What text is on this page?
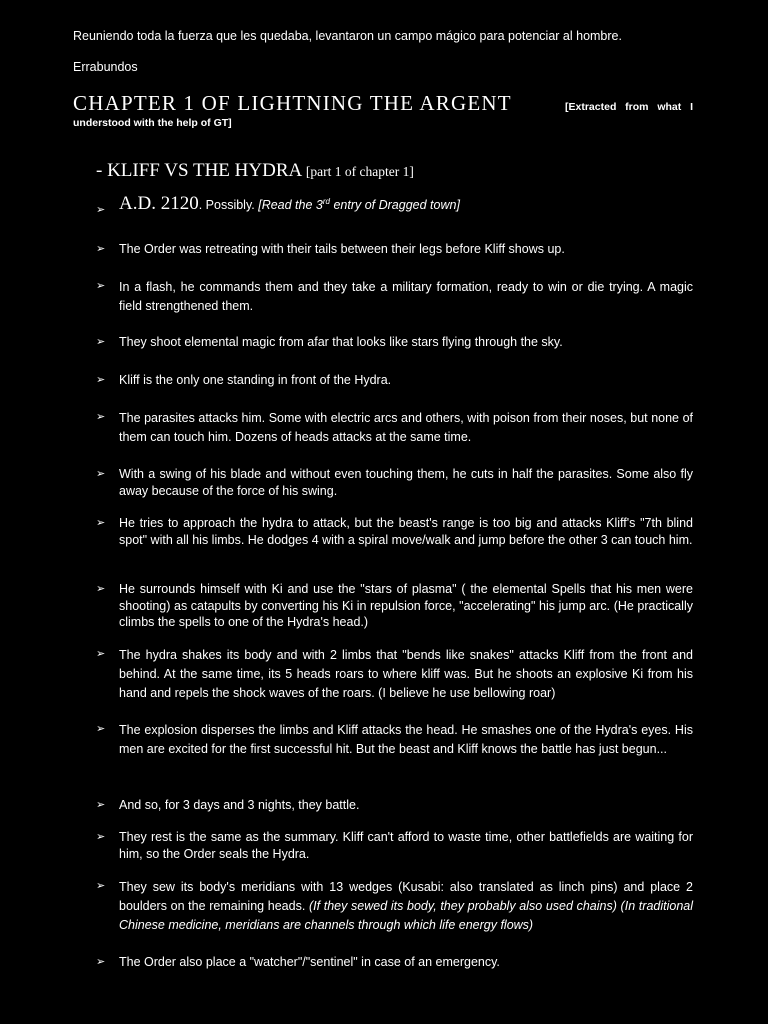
Reuniendo toda la fuerza que les quedaba, levantaron un campo mágico para potenciar al hombre.
Errabundos
CHAPTER 1 OF LIGHTNING THE ARGENT	[Extracted from what I understood with the help of GT]
- KLIFF VS THE HYDRA [part 1 of chapter 1]
➢ A.D. 2120. Possibly. [Read the 3rd entry of Dragged town]
➢ The Order was retreating with their tails between their legs before Kliff shows up.
➢ In a flash, he commands them and they take a military formation, ready to win or die trying. A magic field strengthened them.
➢ They shoot elemental magic from afar that looks like stars flying through the sky.
➢ Kliff is the only one standing in front of the Hydra.
➢ The parasites attacks him. Some with electric arcs and others, with poison from their noses, but none of them can touch him. Dozens of heads attacks at the same time.
➢ With a swing of his blade and without even touching them, he cuts in half the parasites. Some also fly away because of the force of his swing.
➢ He tries to approach the hydra to attack, but the beast's range is too big and attacks Kliff's "7th blind spot" with all his limbs. He dodges 4 with a spiral move/walk and jump before the other 3 can touch him.
➢ He surrounds himself with Ki and use the "stars of plasma" ( the elemental Spells that his men were shooting) as catapults by converting his Ki in repulsion force, "accelerating" his jump arc. (He practically climbs the spells to one of the Hydra's head.)
➢ The hydra shakes its body and with 2 limbs that "bends like snakes" attacks Kliff from the front and behind. At the same time, its 5 heads roars to where kliff was. But he shoots an explosive Ki from his hand and repels the shock waves of the roars. (I believe he use bellowing roar)
➢ The explosion disperses the limbs and Kliff attacks the head. He smashes one of the Hydra's eyes. His men are excited for the first successful hit. But the beast and Kliff knows the battle has just begun...
➢ And so, for 3 days and 3 nights, they battle.
➢ They rest is the same as the summary. Kliff can't afford to waste time, other battlefields are waiting for him, so the Order seals the Hydra.
➢ They sew its body's meridians with 13 wedges (Kusabi: also translated as linch pins) and place 2 boulders on the remaining heads. (If they sewed its body, they probably also used chains) (In traditional Chinese medicine, meridians are channels through which life energy flows)
➢ The Order also place a "watcher"/"sentinel" in case of an emergency.
